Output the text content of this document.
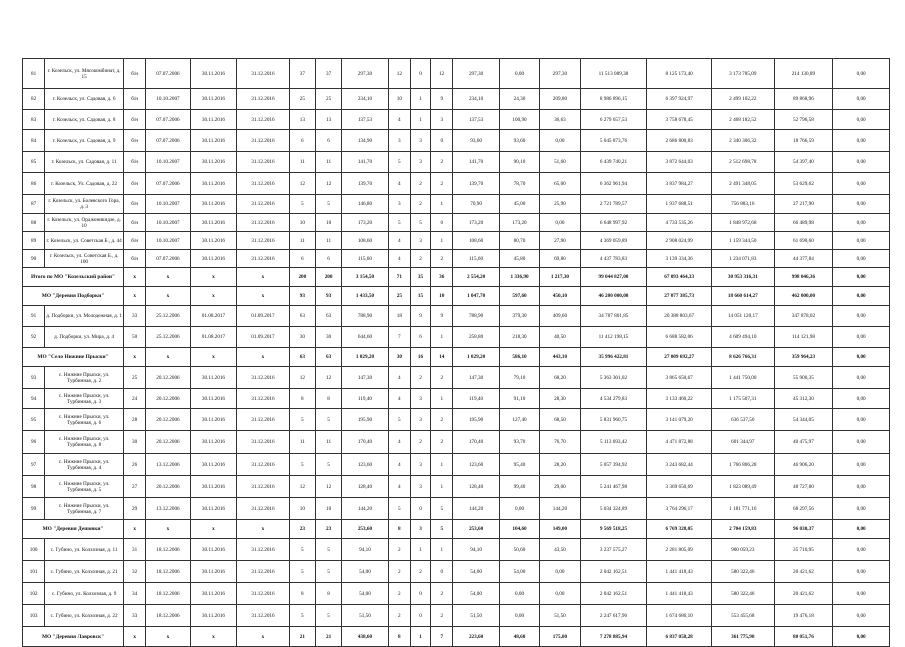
81	г. Козельск, ул. Мясокомбинат, д. 15	б/н	07.07.2006	30.11.2016	31.12.2016	37	37	297,30	12	0	12	297,30	0,00	297,30	11 513 089,38	8 125 173,40	3 173 785,09	214 130,89	0,00
82	г. Козельск, ул. Садовая, д. 6	б/н	10.10.2007	30.11.2016	31.12.2016	25	25	234,10	10	1	9	234,10	24,30	209,80	8 986 896,15	6 397 924,97	2 499 102,22	89 868,96	0,00
83	г. Козельск, ул. Садовая, д. 8	б/н	07.07.2006	30.11.2016	31.12.2016	13	13	137,53	4	1	3	137,53	100,90	36,63	6 279 657,53	3 758 678,45	2 468 182,52	52 796,58	0,00
84	г. Козельск, ул. Садовая, д. 9	б/н	07.07.2006	30.11.2016	31.12.2016	6	6	134,90	3	3	0	93,60	93,60	0,00	5 045 873,76	2 686 800,83	2 340 306,32	18 766,59	0,00
85	г. Козельск, ул. Садовая, д. 11	б/н	10.10.2007	30.11.2016	31.12.2016	11	11	141,70	5	3	2	141,70	90,10	51,60	6 439 740,21	3 872 644,03	2 512 698,78	54 397,40	0,00
86	г. Козельск, Ул. Садовая, д. 22	б/н	07.07.2006	30.11.2016	31.12.2016	12	12	139,70	4	2	2	139,70	78,70	65,00	6 362 961,94	3 837 984,27	2 491 348,05	53 629,62	0,00
87	г. Козельск, ул. Болевского Гора, д. 3	б/н	10.10.2007	30.11.2016	31.12.2016	5	5	146,80	3	2	1	70,90	45,00	25,90	2 721 789,57	1 937 688,51	756 883,16	27 217,90	0,00
88	г. Козельск, ул. Орджоникидзе, д. 10	б/н	10.10.2007	30.11.2016	31.12.2016	10	10	173,20	5	5	0	173,20	173,20	0,00	6 648 997,92	4 733 535,26	1 848 972,68	66 489,98	0,00
89	г. Козельск, ул. Советская Б., д. 44	б/н	10.10.2007	30.11.2016	31.12.2016	11	11	108,60	4	3	1	108,60	80,70	27,90	4 369 059,89	2 908 024,99	1 159 344,50	61 690,60	0,00
90	г. Козельск, ул. Советская Б., д. 100	б/н	07.07.2006	30.11.2016	31.12.2016	6	6	115,60	4	2	2	115,60	45,80	69,80	4 437 783,83	3 139 334,36	1 234 071,83	44 377,84	0,00
Итого по МО "Козельский район"		x	x	x	x	200	200	3 154,50	71	35	36	2 554,20	1 336,90	1 217,30	99 044 827,00	67 093 464,33	30 953 316,31	998 046,36	0,00
МО "Деревня Подборки"		x	x	x	x	93	93	1 433,50	25	15	10	1 047,70	597,60	450,10	46 200 000,00	27 077 385,73	18 660 614,27	462 000,00	0,00
91	д. Подборки, ул. Молодежная, д. 1	33	25.12.2006	01.08.2017	01.09.2017	63	63	788,90	18	9	9	788,90	379,30	409,60	34 787 801,85	20 388 803,67	14 051 120,17	347 878,02	0,00
92	д. Подборки, ул. Мира, д. 4	50	25.12.2006	01.08.2017	01.09.2017	30	30	644,60	7	6	1	258,80	218,30	40,50	11 412 198,15	6 688 582,06	4 609 494,10	114 121,98	0,00
МО "Село Нижние Прыски"		x	x	x	x	63	63	1 029,20	30	16	14	1 029,20	586,10	443,10	35 996 422,81	27 009 692,27	8 626 766,31	359 964,23	0,00
93	с. Нижние Прыски, ул. Турбинная, д. 2	25	20.12.2006	30.11.2016	31.12.2016	12	12	147,30	4	2	2	147,30	79,10	68,20	5 363 301,02	3 865 650,67	1 441 750,00	55 900,35	0,00
94	с. Нижние Прыски, ул. Турбинная, д. 3	24	20.12.2006	30.11.2016	31.12.2016	8	8	119,40	4	3	1	119,40	91,10	28,30	4 534 279,83	3 133 460,22	1 175 507,31	45 312,30	0,00
95	с. Нижние Прыски, ул. Турбинная, д. 6	28	20.12.2006	30.11.2016	31.12.2016	5	5	195,90	5	3	2	195,90	127,40	68,50	5 831 960,75	3 141 079,20	636 537,50	54 344,05	0,00
96	с. Нижние Прыски, ул. Турбинная, д. 8	30	20.12.2006	30.11.2016	31.12.2016	11	11	170,40	4	2	2	170,40	93,70	76,70	5 113 693,42	4 471 872,88	601 344,97	40 475,97	0,00
97	с. Нижние Прыски, ул. Турбинная, д. 4	26	13.12.2006	30.11.2016	31.12.2016	5	5	123,60	4	3	1	123,60	95,40	28,20	5 057 394,92	3 243 682,44	1 766 806,28	46 906,20	0,00
98	с. Нижние Прыски, ул. Турбинная, д. 5	27	20.12.2006	30.11.2016	31.12.2016	12	12	128,40	4	3	1	128,40	99,40	29,00	5 241 467,98	3 369 650,69	1 823 089,49	48 727,80	0,00
99	с. Нижние Прыски, ул. Турбинная, д. 7	29	13.12.2006	30.11.2016	31.12.2016	10	10	144,20	5	0	5	144,20	0,00	144,20	5 034 324,89	3 764 296,17	1 181 771,16	68 297,56	0,00
МО "Деревня Дешовки"		x	x	x	x	23	23	253,60	8	3	5	253,60	104,60	149,00	9 569 518,25	6 769 328,05	2 704 159,83	96 030,37	0,00
100	с. Губино, ул. Колхозная, д. 11	31	18.12.2006	30.11.2016	31.12.2016	5	5	94,10	2	1	1	94,10	50,60	43,50	3 237 575,27	2 281 805,09	900 059,23	35 710,95	0,00
101	с. Губино, ул. Колхозная, д. 21	32	18.12.2006	30.11.2016	31.12.2016	5	5	54,00	2	2	0	54,00	54,00	0,00	2 042 162,51	1 441 418,43	580 322,46	20 421,62	0,00
102	с. Губино, ул. Колхозная, д. 9	34	18.12.2006	30.11.2016	31.12.2016	8	8	54,00	2	0	2	54,00	0,00	0,00	2 042 162,51	1 441 418,43	580 322,46	20 421,62	0,00
103	с. Губино, ул. Колхозная, д. 22	33	18.12.2006	30.11.2016	31.12.2016	5	5	51,50	2	0	2	51,50	0,00	51,50	2 247 617,96	1 674 686,10	553 455,68	19 476,18	0,00
МО "Деревня Лавровск"		x	x	x	x	21	21	438,60	8	1	7	223,60	48,60	175,00	7 278 885,94	6 837 058,28	361 775,90	80 051,76	0,00
